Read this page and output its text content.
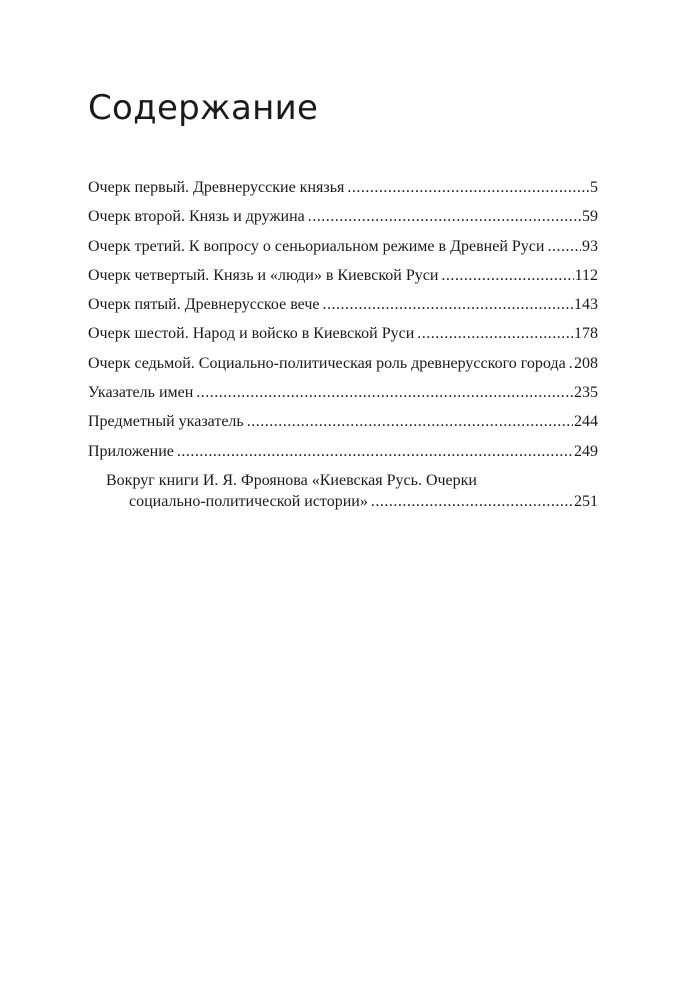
Содержание
Очерк первый. Древнерусские князья .....	5
Очерк второй. Князь и дружина .....	59
Очерк третий. К вопросу о сеньориальном режиме в Древней Руси ..... 93
Очерк четвертый. Князь и «люди» в Киевской Руси .....	112
Очерк пятый. Древнерусское вече .....	143
Очерк шестой. Народ и войско в Киевской Руси .....	178
Очерк седьмой. Социально-политическая роль древнерусского города ..... 208
Указатель имен .....	235
Предметный указатель .....	244
Приложение .....	249
Вокруг книги И. Я. Фроянова «Киевская Русь. Очерки
социально-политической истории» .....	251
